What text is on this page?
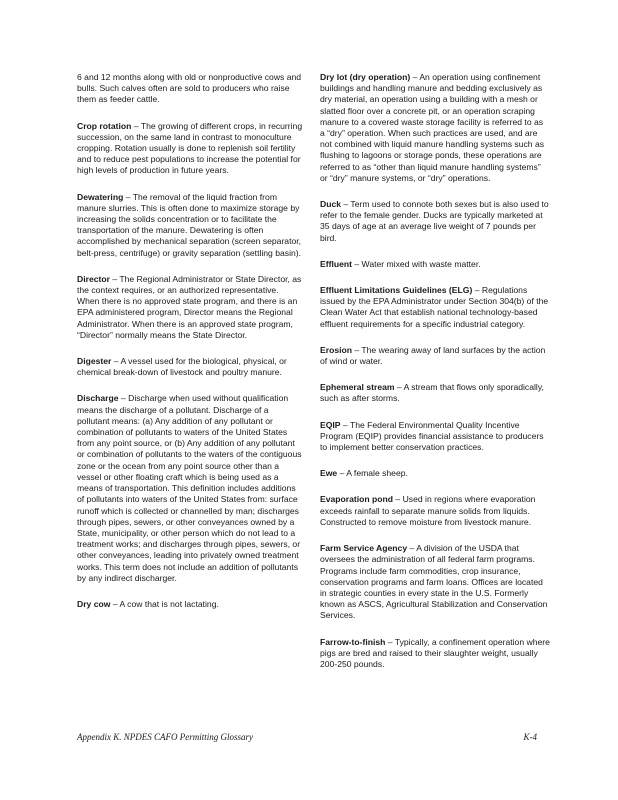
6 and 12 months along with old or nonproductive cows and bulls. Such calves often are sold to producers who raise them as feeder cattle.

Crop rotation – The growing of different crops, in recurring succession, on the same land in contrast to monoculture cropping. Rotation usually is done to replenish soil fertility and to reduce pest populations to increase the potential for high levels of production in future years.

Dewatering – The removal of the liquid fraction from manure slurries. This is often done to maximize storage by increasing the solids concentration or to facilitate the transportation of the manure. Dewatering is often accomplished by mechanical separation (screen separator, belt-press, centrifuge) or gravity separation (settling basin).

Director – The Regional Administrator or State Director, as the context requires, or an authorized representative. When there is no approved state program, and there is an EPA administered program, Director means the Regional Administrator. When there is an approved state program, “Director” normally means the State Director.

Digester – A vessel used for the biological, physical, or chemical break-down of livestock and poultry manure.

Discharge – Discharge when used without qualification means the discharge of a pollutant. Discharge of a pollutant means: (a) Any addition of any pollutant or combination of pollutants to waters of the United States from any point source, or (b) Any addition of any pollutant or combination of pollutants to the waters of the contiguous zone or the ocean from any point source other than a vessel or other floating craft which is being used as a means of transportation. This definition includes additions of pollutants into waters of the United States from: surface runoff which is collected or channelled by man; discharges through pipes, sewers, or other conveyances owned by a State, municipality, or other person which do not lead to a treatment works; and discharges through pipes, sewers, or other conveyances, leading into privately owned treatment works. This term does not include an addition of pollutants by any indirect discharger.

Dry cow – A cow that is not lactating.

Dry lot (dry operation) – An operation using confinement buildings and handling manure and bedding exclusively as dry material, an operation using a building with a mesh or slatted floor over a concrete pit, or an operation scraping manure to a covered waste storage facility is referred to as a “dry” operation. When such practices are used, and are not combined with liquid manure handling systems such as flushing to lagoons or storage ponds, these operations are referred to as “other than liquid manure handling systems” or “dry” manure systems, or “dry” operations.

Duck – Term used to connote both sexes but is also used to refer to the female gender. Ducks are typically marketed at 35 days of age at an average live weight of 7 pounds per bird.

Effluent – Water mixed with waste matter.

Effluent Limitations Guidelines (ELG) – Regulations issued by the EPA Administrator under Section 304(b) of the Clean Water Act that establish national technology-based effluent requirements for a specific industrial category.

Erosion – The wearing away of land surfaces by the action of wind or water.

Ephemeral stream – A stream that flows only sporadically, such as after storms.

EQIP – The Federal Environmental Quality Incentive Program (EQIP) provides financial assistance to producers to implement better conservation practices.

Ewe – A female sheep.

Evaporation pond – Used in regions where evaporation exceeds rainfall to separate manure solids from liquids. Constructed to remove moisture from livestock manure.

Farm Service Agency – A division of the USDA that oversees the administration of all federal farm programs. Programs include farm commodities, crop insurance, conservation programs and farm loans. Offices are located in strategic counties in every state in the U.S. Formerly known as ASCS, Agricultural Stabilization and Conservation Services.

Farrow-to-finish – Typically, a confinement operation where pigs are bred and raised to their slaughter weight, usually 200-250 pounds.

Appendix K. NPDES CAFO Permitting Glossary	K-4
